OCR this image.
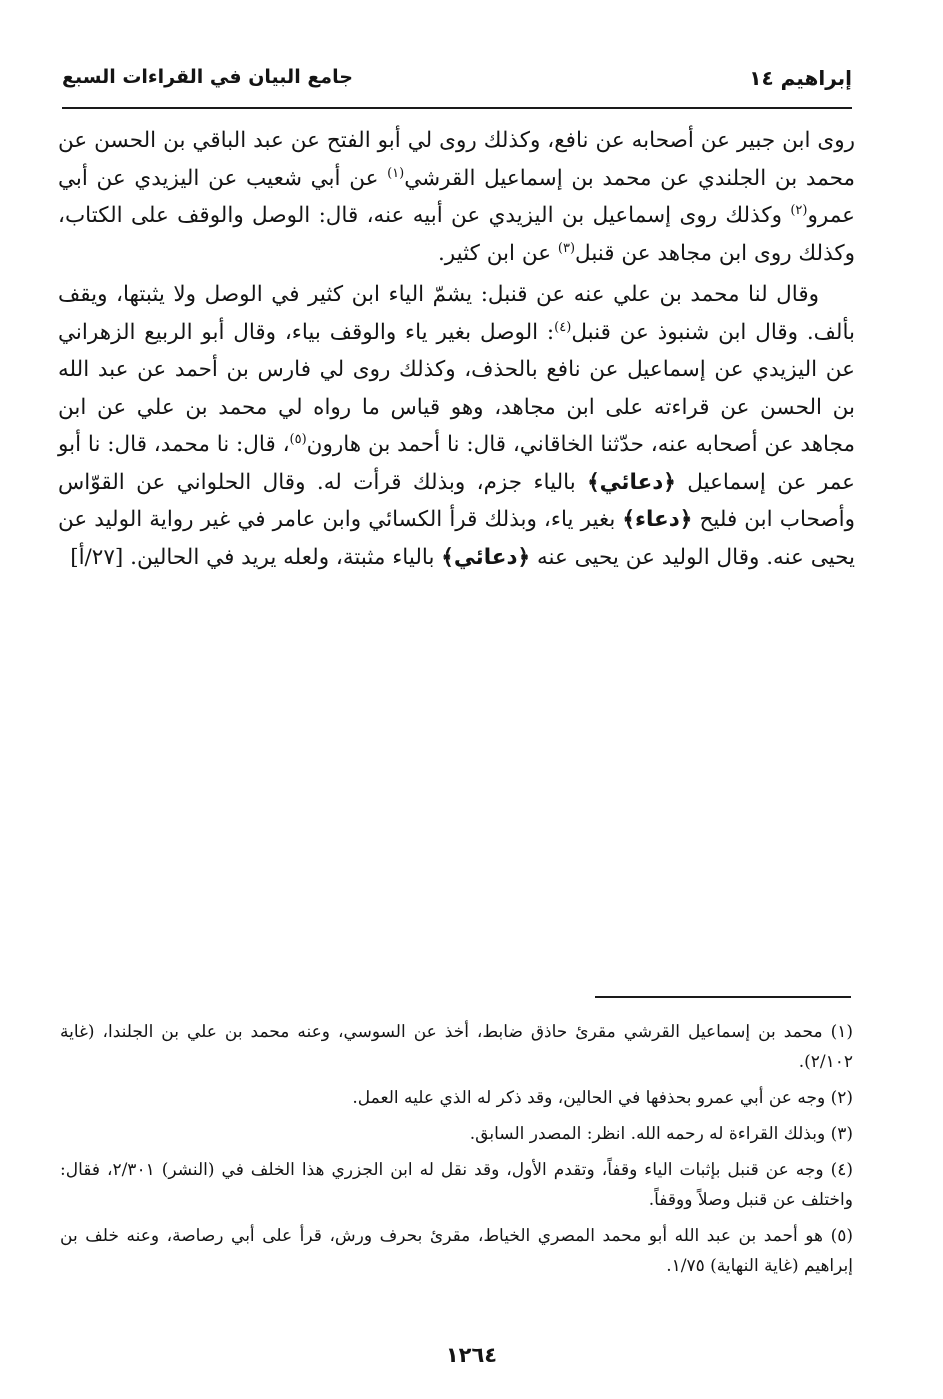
إبراهيم ١٤
جامع البيان في القراءات السبع

روى ابن جبير عن أصحابه عن نافع، وكذلك روى لي أبو الفتح عن عبد الباقي بن الحسن عن محمد بن الجلندي عن محمد بن إسماعيل القرشي$^{(١)}$ عن أبي شعيب عن اليزيدي عن أبي عمرو$^{(٢)}$ وكذلك روى إسماعيل بن اليزيدي عن أبيه عنه، قال: الوصل والوقف على الكتاب، وكذلك روى ابن مجاهد عن قنبل$^{(٣)}$ عن ابن كثير.

وقال لنا محمد بن علي عنه عن قنبل: يشمّ الياء ابن كثير في الوصل ولا يثبتها، ويقف بألف. وقال ابن شنبوذ عن قنبل$^{(٤)}$: الوصل بغير ياء والوقف بياء، وقال أبو الربيع الزهراني عن اليزيدي عن إسماعيل عن نافع بالحذف، وكذلك روى لي فارس بن أحمد عن عبد الله بن الحسن عن قراءته على ابن مجاهد، وهو قياس ما رواه لي محمد بن علي عن ابن مجاهد عن أصحابه عنه، حدّثنا الخاقاني، قال: نا أحمد بن هارون$^{(٥)}$، قال: نا محمد، قال: نا أبو عمر عن إسماعيل ﴿دعائي﴾ بالياء جزم، وبذلك قرأت له. وقال الحلواني عن القوّاس وأصحاب ابن فليح ﴿دعاء﴾ بغير ياء، وبذلك قرأ الكسائي وابن عامر في غير رواية الوليد عن يحيى عنه. وقال الوليد عن يحيى عنه ﴿دعائي﴾ بالياء مثبتة، ولعله يريد في الحالين. [٢٧/أ]

(١) محمد بن إسماعيل القرشي مقرئ حاذق ضابط، أخذ عن السوسي، وعنه محمد بن علي بن الجلندا، (غاية ٢/١٠٢).

(٢) وجه عن أبي عمرو بحذفها في الحالين، وقد ذكر له الذي عليه العمل.

(٣) وبذلك القراءة له رحمه الله. انظر: المصدر السابق.

(٤) وجه عن قنبل بإثبات الياء وقفاً، وتقدم الأول، وقد نقل له ابن الجزري هذا الخلف في (النشر) ٢/٣٠١، فقال: واختلف عن قنبل وصلاً ووقفاً.

(٥) هو أحمد بن عبد الله أبو محمد المصري الخياط، مقرئ بحرف ورش، قرأ على أبي رصاصة، وعنه خلف بن إبراهيم (غاية النهاية) ١/٧٥.

١٢٦٤
